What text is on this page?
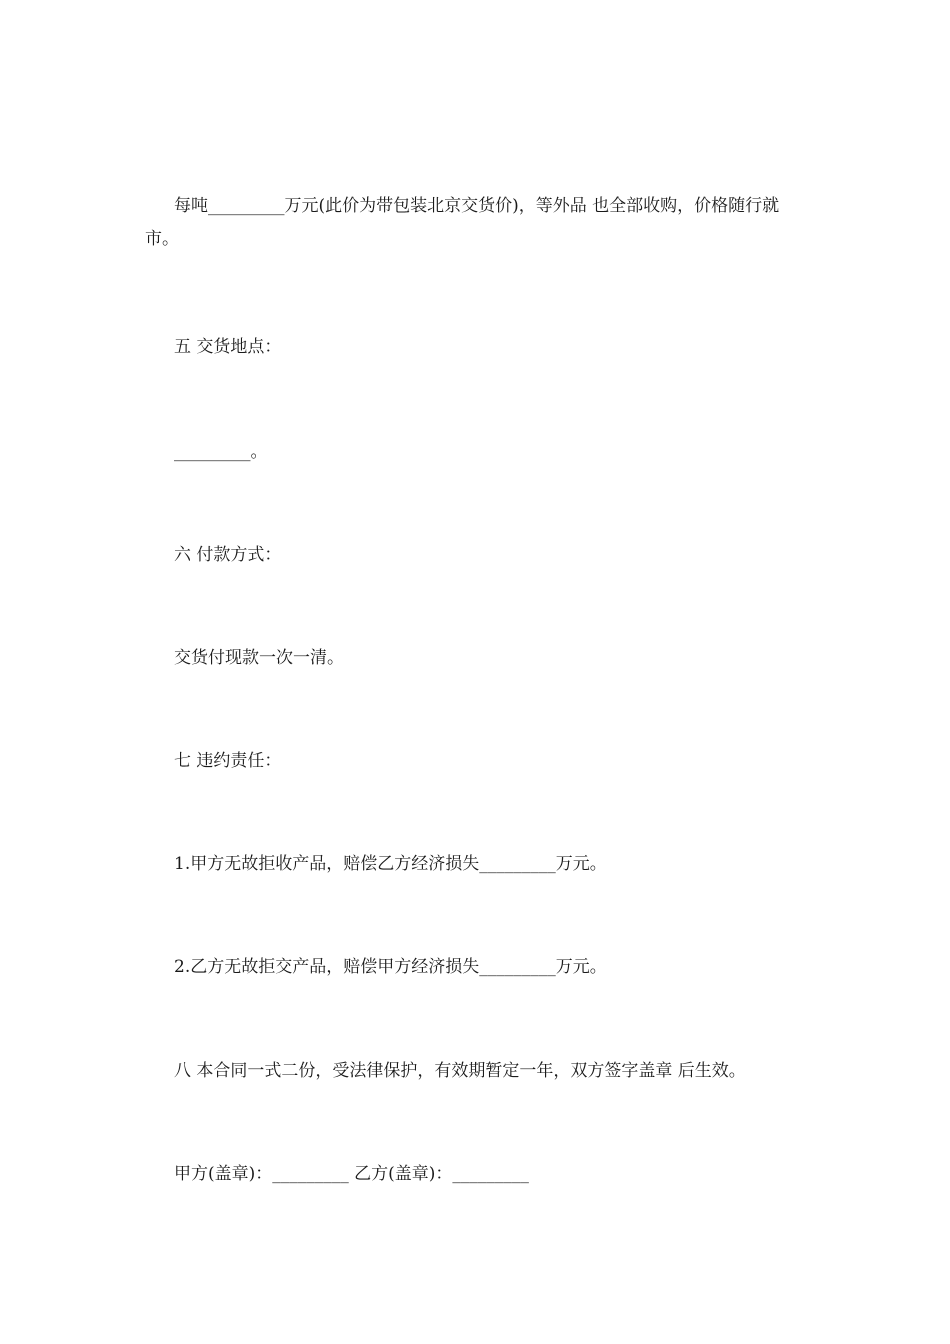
每吨_________万元(此价为带包装北京交货价)，等外品 也全部收购，价格随行就市。

五 交货地点：

_________。

六 付款方式：

交货付现款一次一清。

七 违约责任：

1.甲方无故拒收产品，赔偿乙方经济损失_________万元。

2.乙方无故拒交产品，赔偿甲方经济损失_________万元。

八 本合同一式二份，受法律保护，有效期暂定一年，双方签字盖章 后生效。

甲方(盖章)：_________ 乙方(盖章)：_________
